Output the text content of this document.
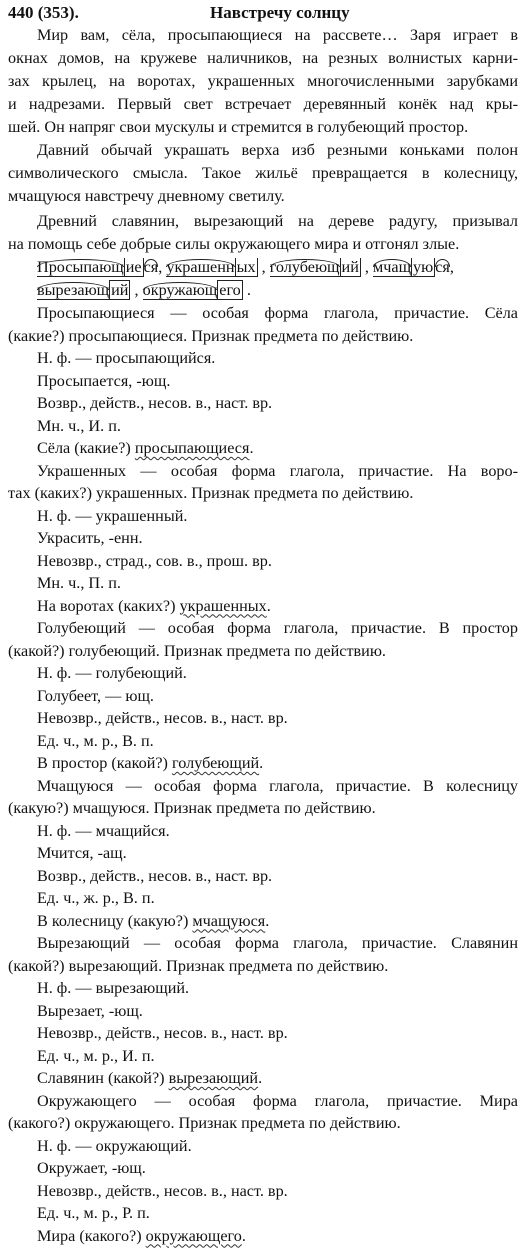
440 (353).	Навстречу солнцу
Мир вам, сёла, просыпающиеся на рассвете… Заря играет в
окнах домов, на кружеве наличников, на резных волнистых карни-
зах крылец, на воротах, украшенных многочисленными зарубками
и надрезами. Первый свет встречает деревянный конёк над кры-
шей. Он напряг свои мускулы и стремится в голубеющий простор.
Давний обычай украшать верха изб резными коньками полон
символического смысла. Такое жильё превращается в колесницу,
мчащуюся навстречу дневному светилу.
Древний славянин, вырезающий на дереве радугу, призывал
на помощь себе добрые силы окружающего мира и отгонял злые.
Просыпающ ие ся, украшенн ых , голубеющ ий , мчащ ую ся,
вырезающ ий , окружающ его .
Просыпающиеся — особая форма глагола, причастие. Сёла
(какие?) просыпающиеся. Признак предмета по действию.
Н. ф. — просыпающийся.
Просыпается, -ющ.
Возвр., действ., несов. в., наст. вр.
Мн. ч., И. п.
Сёла (какие?) просыпающиеся.
Украшенных — особая форма глагола, причастие. На воро-
тах (каких?) украшенных. Признак предмета по действию.
Н. ф. — украшенный.
Украсить, -енн.
Невозвр., страд., сов. в., прош. вр.
Мн. ч., П. п.
На воротах (каких?) украшенных.
Голубеющий — особая форма глагола, причастие. В простор
(какой?) голубеющий. Признак предмета по действию.
Н. ф. — голубеющий.
Голубеет, — ющ.
Невозвр., действ., несов. в., наст. вр.
Ед. ч., м. р., В. п.
В простор (какой?) голубеющий.
Мчащуюся — особая форма глагола, причастие. В колесницу
(какую?) мчащуюся. Признак предмета по действию.
Н. ф. — мчащийся.
Мчится, -ащ.
Возвр., действ., несов. в., наст. вр.
Ед. ч., ж. р., В. п.
В колесницу (какую?) мчащуюся.
Вырезающий — особая форма глагола, причастие. Славянин
(какой?) вырезающий. Признак предмета по действию.
Н. ф. — вырезающий.
Вырезает, -ющ.
Невозвр., действ., несов. в., наст. вр.
Ед. ч., м. р., И. п.
Славянин (какой?) вырезающий.
Окружающего — особая форма глагола, причастие. Мира
(какого?) окружающего. Признак предмета по действию.
Н. ф. — окружающий.
Окружает, -ющ.
Невозвр., действ., несов. в., наст. вр.
Ед. ч., м. р., Р. п.
Мира (какого?) окружающего.
